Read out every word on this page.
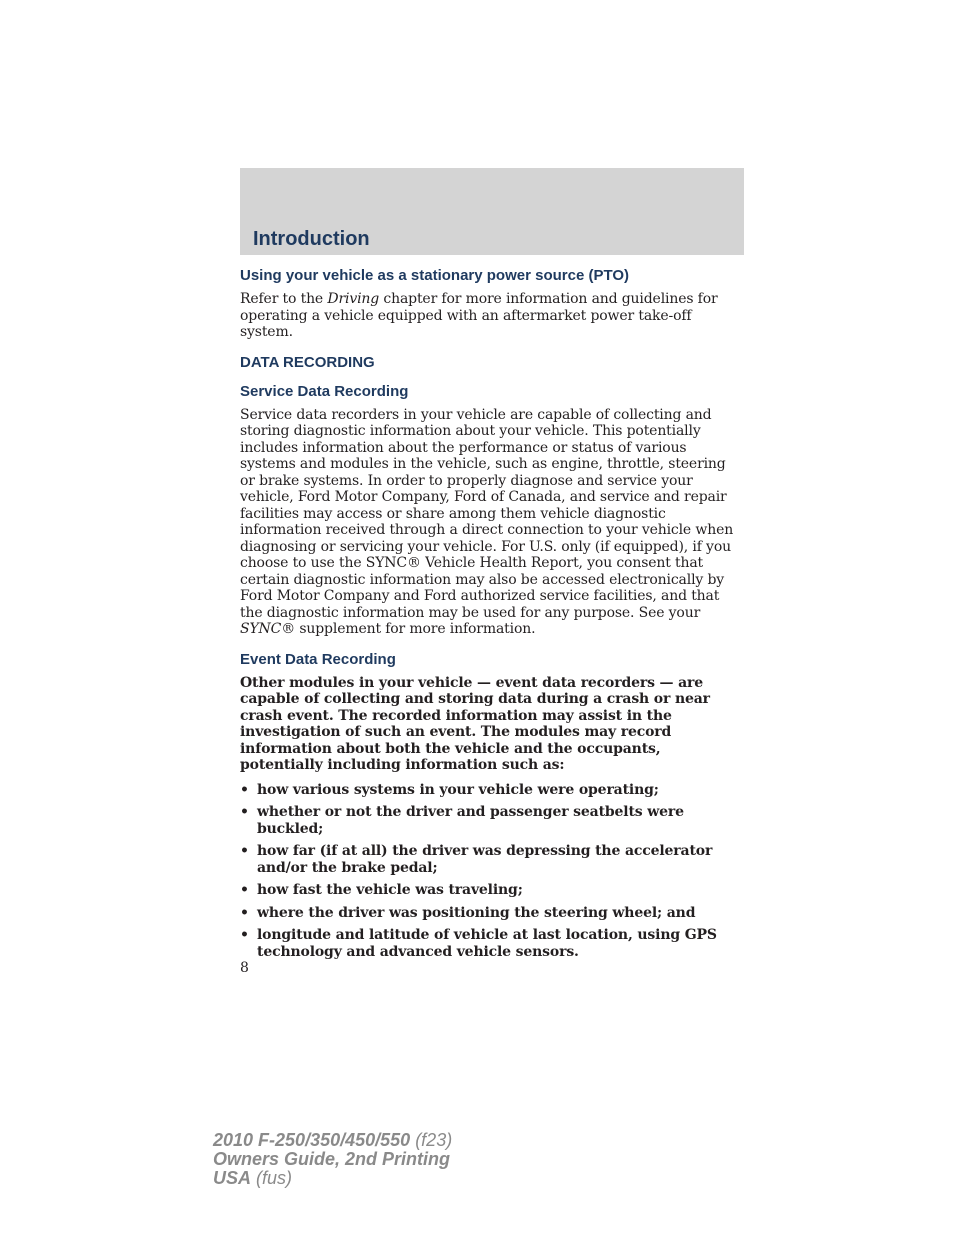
Introduction
Using your vehicle as a stationary power source (PTO)

Refer to the Driving chapter for more information and guidelines for operating a vehicle equipped with an aftermarket power take-off system.

DATA RECORDING
Service Data Recording

Service data recorders in your vehicle are capable of collecting and storing diagnostic information about your vehicle. This potentially includes information about the performance or status of various systems and modules in the vehicle, such as engine, throttle, steering or brake systems. In order to properly diagnose and service your vehicle, Ford Motor Company, Ford of Canada, and service and repair facilities may access or share among them vehicle diagnostic information received through a direct connection to your vehicle when diagnosing or servicing your vehicle. For U.S. only (if equipped), if you choose to use the SYNC® Vehicle Health Report, you consent that certain diagnostic information may also be accessed electronically by Ford Motor Company and Ford authorized service facilities, and that the diagnostic information may be used for any purpose. See your SYNC® supplement for more information.

Event Data Recording

Other modules in your vehicle — event data recorders — are capable of collecting and storing data during a crash or near crash event. The recorded information may assist in the investigation of such an event. The modules may record information about both the vehicle and the occupants, potentially including information such as:

• how various systems in your vehicle were operating;
• whether or not the driver and passenger seatbelts were buckled;
• how far (if at all) the driver was depressing the accelerator and/or the brake pedal;
• how fast the vehicle was traveling;
• where the driver was positioning the steering wheel; and
• longitude and latitude of vehicle at last location, using GPS technology and advanced vehicle sensors.
8
2010 F-250/350/450/550 (f23)
Owners Guide, 2nd Printing
USA (fus)
